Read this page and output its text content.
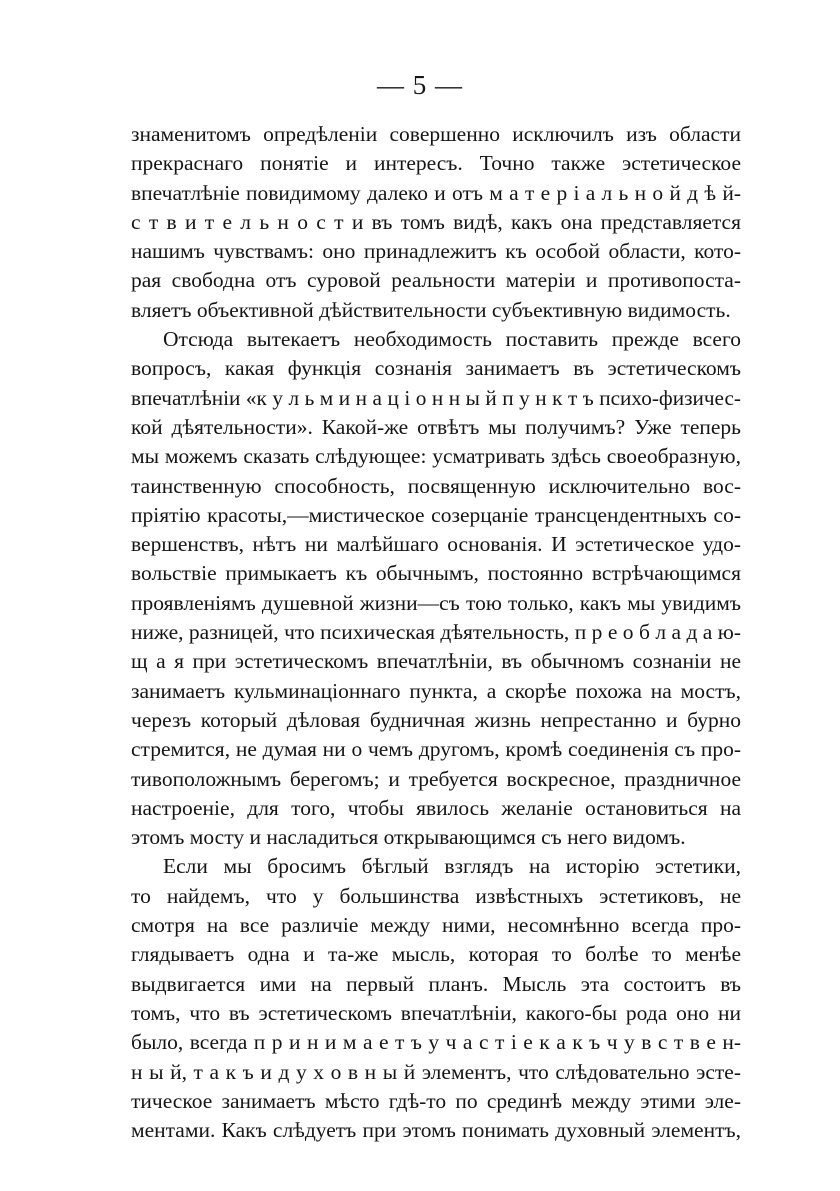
— 5 —
знаменитомъ опредѣленіи совершенно исключилъ изъ области
прекраснаго понятіе и интересъ. Точно также эстетическое
впечатлѣніе повидимому далеко и отъ м а т е р і а л ь н о й д ѣ й-
с т в и т е л ь н о с т и въ томъ видѣ, какъ она представляется
нашимъ чувствамъ: оно принадлежитъ къ особой области, кото-
рая свободна отъ суровой реальности матеріи и противопоста-
вляетъ объективной дѣйствительности субъективную видимость.
Отсюда вытекаетъ необходимость поставить прежде всего
вопросъ, какая функція сознанія занимаетъ въ эстетическомъ
впечатлѣніи «к у л ь м и н а ц і о н н ы й п у н к т ъ психо-физичес-
кой дѣятельности». Какой-же отвѣтъ мы получимъ? Уже теперь
мы можемъ сказать слѣдующее: усматривать здѣсь своеобразную,
таинственную способность, посвященную исключительно вос-
пріятію красоты,—мистическое созерцаніе трансцендентныхъ со-
вершенствъ, нѣтъ ни малѣйшаго основанія. И эстетическое удо-
вольствіе примыкаетъ къ обычнымъ, постоянно встрѣчающимся
проявленіямъ душевной жизни—съ тою только, какъ мы увидимъ
ниже, разницей, что психическая дѣятельность, п р е о б л а д а ю-
щ а я при эстетическомъ впечатлѣніи, въ обычномъ сознаніи не
занимаетъ кульминаціоннаго пункта, а скорѣе похожа на мостъ,
черезъ который дѣловая будничная жизнь непрестанно и бурно
стремится, не думая ни о чемъ другомъ, кромѣ соединенія съ про-
тивоположнымъ берегомъ; и требуется воскресное, праздничное
настроеніе, для того, чтобы явилось желаніе остановиться на
этомъ мосту и насладиться открывающимся съ него видомъ.
Если мы бросимъ бѣглый взглядъ на исторію эстетики,
то найдемъ, что у большинства извѣстныхъ эстетиковъ, не
смотря на все различіе между ними, несомнѣнно всегда про-
глядываетъ одна и та-же мысль, которая то болѣе то менѣе
выдвигается ими на первый планъ. Мысль эта состоитъ въ
томъ, что въ эстетическомъ впечатлѣніи, какого-бы рода оно ни
было, всегда п р и н и м а е т ъ у ч а с т і е к а к ъ ч у в с т в е н-
н ы й, т а к ъ и д у х о в н ы й элементъ, что слѣдовательно эсте-
тическое занимаетъ мѣсто гдѣ-то по срединѣ между этими эле-
ментами. Какъ слѣдуетъ при этомъ понимать духовный элементъ,
